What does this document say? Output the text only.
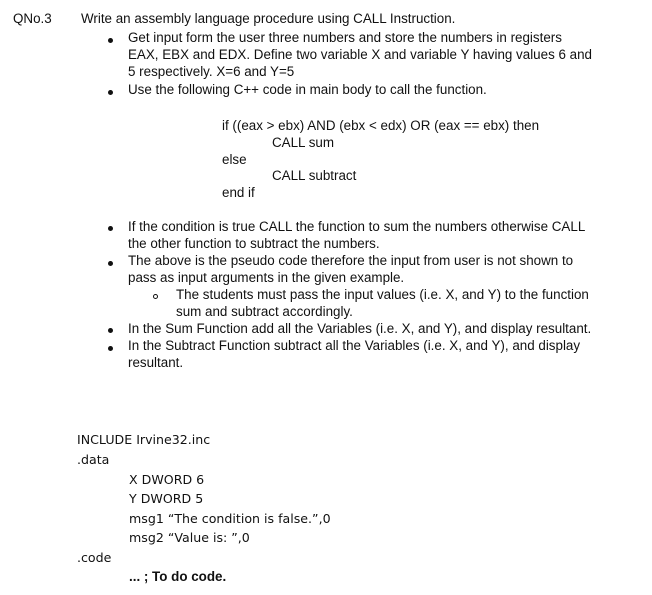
QNo.3 Write an assembly language procedure using CALL Instruction.
Get input form the user three numbers and store the numbers in registers
EAX, EBX and EDX. Define two variable X and variable Y having values 6 and
5 respectively. X=6 and Y=5
Use the following C++ code in main body to call the function.
if ((eax > ebx) AND (ebx < edx) OR (eax == ebx) then
CALL sum
else
CALL subtract
end if
If the condition is true CALL the function to sum the numbers otherwise CALL
the other function to subtract the numbers.
The above is the pseudo code therefore the input from user is not shown to
pass as input arguments in the given example.
The students must pass the input values (i.e. X, and Y) to the function
sum and subtract accordingly.
In the Sum Function add all the Variables (i.e. X, and Y), and display resultant.
In the Subtract Function subtract all the Variables (i.e. X, and Y), and display
resultant.
INCLUDE Irvine32.inc
.data
X DWORD 6
Y DWORD 5
msg1 “The condition is false.”,0
msg2 “Value is: ”,0
.code
... ; To do code.
